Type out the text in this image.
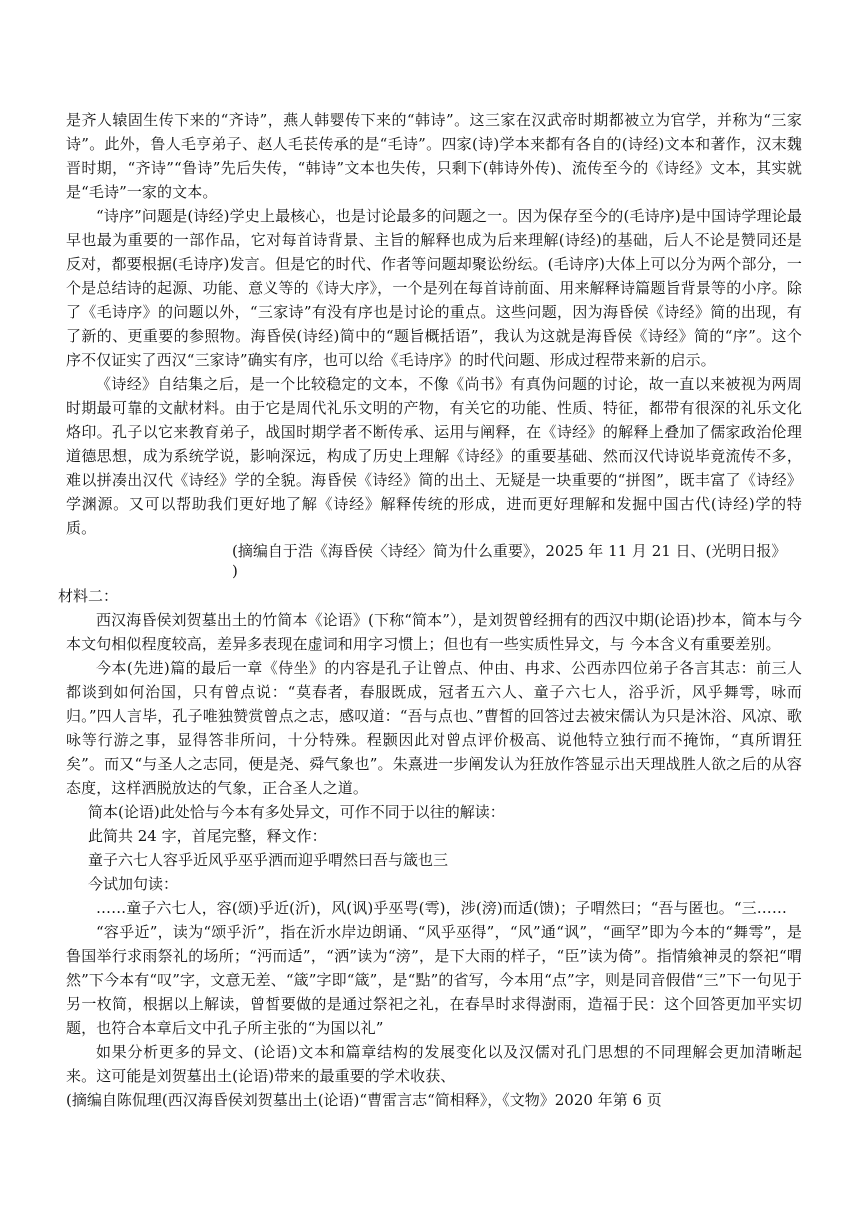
是齐人辕固生传下来的“齐诗”，燕人韩婴传下来的“韩诗”。这三家在汉武帝时期都被立为官学，并称为“三家诗”。此外，鲁人毛亨弟子、赵人毛苌传承的是“毛诗”。四家(诗)学本来都有各自的(诗经)文本和著作，汉末魏晋时期，“齐诗”“鲁诗”先后失传，“韩诗”文本也失传，只剩下(韩诗外传)、流传至今的《诗经》文本，其实就是“毛诗”一家的文本。

“诗序”问题是(诗经)学史上最核心，也是讨论最多的问题之一。因为保存至今的(毛诗序)是中国诗学理论最早也最为重要的一部作品，它对每首诗背景、主旨的解释也成为后来理解(诗经)的基础，后人不论是赞同还是反对，都要根据(毛诗序)发言。但是它的时代、作者等问题却聚讼纷纭。(毛诗序)大体上可以分为两个部分，一个是总结诗的起源、功能、意义等的《诗大序》，一个是列在每首诗前面、用来解释诗篇题旨背景等的小序。除了《毛诗序》的问题以外，“三家诗”有没有序也是讨论的重点。这些问题，因为海昏侯《诗经》简的出现，有了新的、更重要的参照物。海昏侯(诗经)简中的“题旨概括语”，我认为这就是海昏侯《诗经》简的“序”。这个序不仅证实了西汉“三家诗”确实有序，也可以给《毛诗序》的时代问题、形成过程带来新的启示。

《诗经》自结集之后，是一个比较稳定的文本，不像《尚书》有真伪问题的讨论，故一直以来被视为两周时期最可靠的文献材料。由于它是周代礼乐文明的产物，有关它的功能、性质、特征，都带有很深的礼乐文化烙印。孔子以它来教育弟子，战国时期学者不断传承、运用与阐释，在《诗经》的解释上叠加了儒家政治伦理道德思想，成为系统学说，影响深远，构成了历史上理解《诗经》的重要基础、然而汉代诗说毕竟流传不多，难以拼凑出汉代《诗经》学的全貌。海昏侯《诗经》简的出土、无疑是一块重要的“拼图”，既丰富了《诗经》学渊源。又可以帮助我们更好地了解《诗经》解释传统的形成，进而更好理解和发掘中国古代(诗经)学的特质。

(摘编自于浩《海昏侯〈诗经〉简为什么重要》，2025 年 11 月 21 日、(光明日报》

)

材料二：

西汉海昏侯刘贺墓出土的竹简本《论语》(下称“简本”），是刘贺曾经拥有的西汉中期(论语)抄本，简本与今本文句相似程度较高，差异多表现在虚词和用字习惯上；但也有一些实质性异文，与 今本含义有重要差别。

今本(先进)篇的最后一章《侍坐》的内容是孔子让曾点、仲由、冉求、公西赤四位弟子各言其志：前三人都谈到如何治国，只有曾点说：“莫春者，春服既成，冠者五六人、童子六七人，浴乎沂，风乎舞雩，咏而归。”四人言毕，孔子唯独赞赏曾点之志，感叹道：“吾与点也、”曹皙的回答过去被宋儒认为只是沐浴、风凉、歌咏等行游之事，显得答非所问，十分特殊。程颢因此对曾点评价极高、说他特立独行而不掩饰，“真所谓狂矣”。而又“与圣人之志同，便是尧、舜气象也”。朱熹进一步阐发认为狂放作答显示出天理战胜人欲之后的从容态度，这样洒脱放达的气象，正合圣人之道。

简本(论语)此处恰与今本有多处异文，可作不同于以往的解读：

此简共 24 字，首尾完整，释文作：

童子六七人容乎近风乎巫乎洒而迎乎喟然曰吾与箴也三

今试加句读：

……童子六七人，容(颂)乎近(沂)，风(讽)乎巫咢(雩)，涉(滂)而适(馈)；子喟然曰；“吾与匿也。“三……

“容乎近”，读为“颂乎沂”，指在沂水岸边朗诵、“风乎巫得”，“风”通“讽”，“画罕”即为今本的“舞雩”，是鲁国举行求雨祭礼的场所；“沔而适”，“洒”读为“滂”，是下大雨的样子，“臣”读为倚”。指情飨神灵的祭祀“喟然”下今本有“叹”字，文意无差、“箴”字即“箴”，是“點”的省写，今本用“点”字，则是同音假借“三”下一句见于另一枚简，根据以上解读，曾皙要做的是通过祭祀之礼，在春旱时求得澍雨，造福于民：这个回答更加平实切题，也符合本章后文中孔子所主张的“为国以礼”

如果分析更多的异文、(论语)文本和篇章结构的发展变化以及汉儒对孔门思想的不同理解会更加清晰起来。这可能是刘贺墓出土(论语)带来的最重要的学术收获、

(摘编自陈侃理(西汉海昏侯刘贺墓出土(论语)“曹雷言志“简相释》，《文物》2020 年第 6 页
